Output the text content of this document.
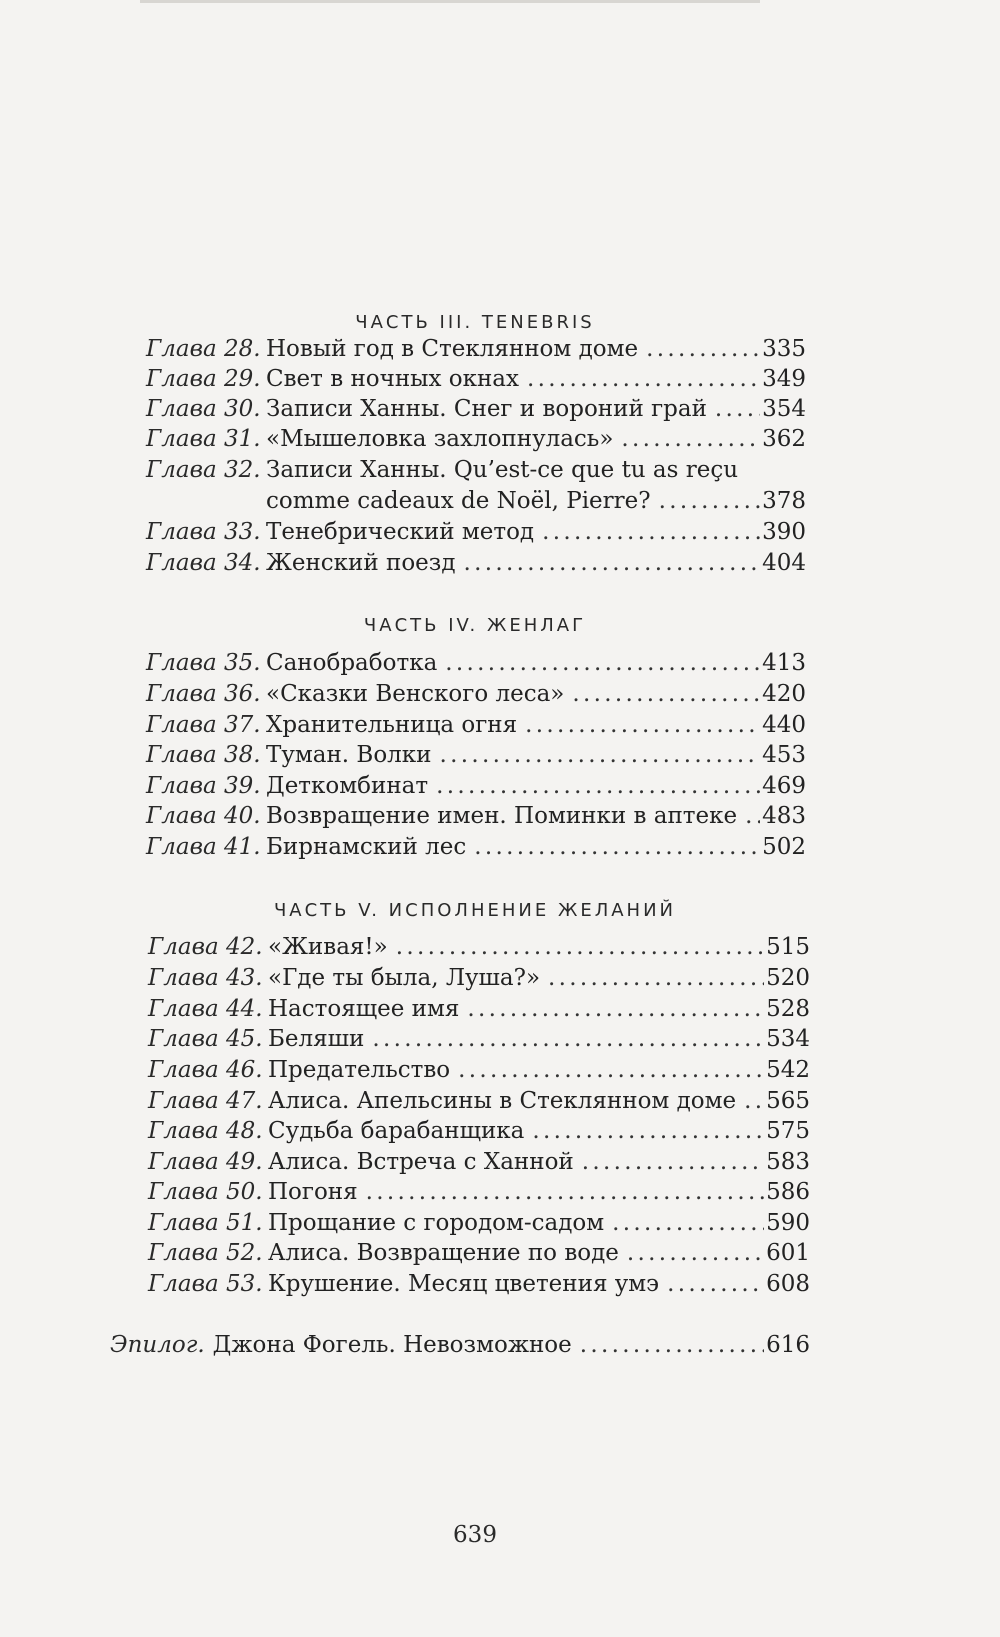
ЧАСТЬ III. TENEBRIS
Глава 28. Новый год в Стеклянном доме . . .	335
Глава 29. Свет в ночных окнах . . .	349
Глава 30. Записи Ханны. Снег и вороний грай . . .	354
Глава 31. «Мышеловка захлопнулась» . . .	362
Глава 32. Записи Ханны. Qu’est-ce que tu as reçu
comme cadeaux de Noël, Pierre? . . .	378
Глава 33. Тенебрический метод . . .	390
Глава 34. Женский поезд . . .	404
ЧАСТЬ IV. ЖЕНЛАГ
Глава 35. Санобработка . . .	413
Глава 36. «Сказки Венского леса» . . .	420
Глава 37. Хранительница огня . . .	440
Глава 38. Туман. Волки . . .	453
Глава 39. Деткомбинат . . .	469
Глава 40. Возвращение имен. Поминки в аптеке . . .	483
Глава 41. Бирнамский лес . . .	502
ЧАСТЬ V. ИСПОЛНЕНИЕ ЖЕЛАНИЙ
Глава 42. «Живая!» . . .	515
Глава 43. «Где ты была, Луша?» . . .	520
Глава 44. Настоящее имя . . .	528
Глава 45. Беляши . . .	534
Глава 46. Предательство . . .	542
Глава 47. Алиса. Апельсины в Стеклянном доме . . .	565
Глава 48. Судьба барабанщика . . .	575
Глава 49. Алиса. Встреча с Ханной . . .	583
Глава 50. Погоня . . .	586
Глава 51. Прощание с городом-садом . . .	590
Глава 52. Алиса. Возвращение по воде . . .	601
Глава 53. Крушение. Месяц цветения умэ . . .	608
Эпилог. Джона Фогель. Невозможное . . .	616
639
